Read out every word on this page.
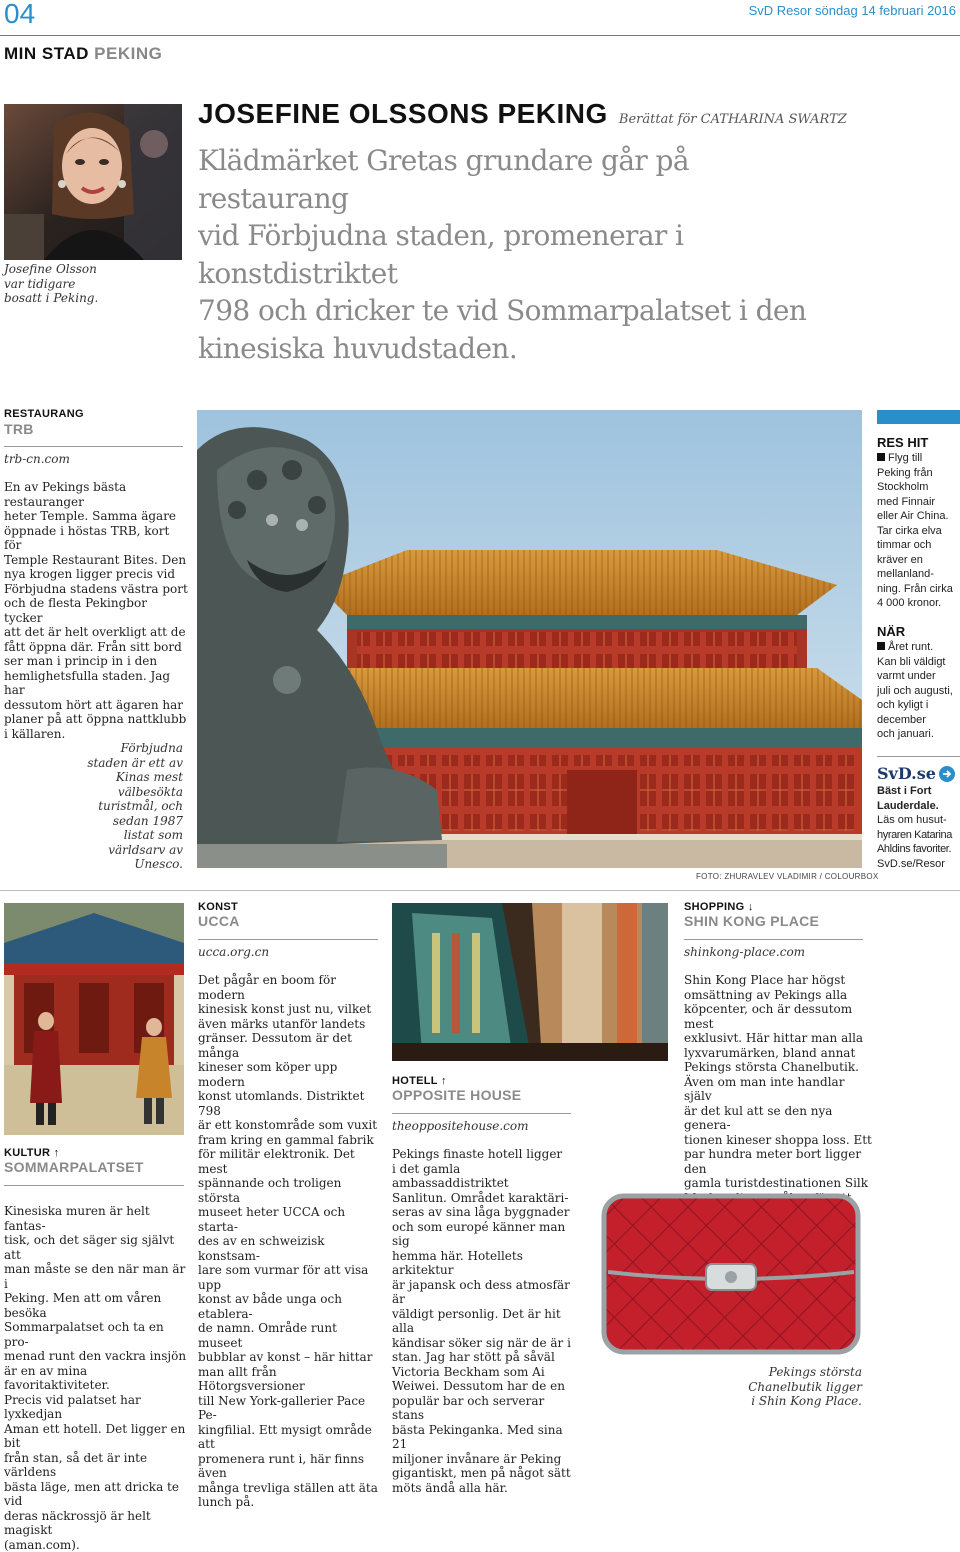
04	SvD Resor söndag 14 februari 2016
MIN STAD PEKING
Josefine Olsson
var tidigare
bosatt i Peking.
JOSEFINE OLSSONS PEKING Berättat för CATHARINA SWARTZ
Klädmärket Gretas grundare går på restaurang
vid Förbjudna staden, promenerar i konstdistriktet
798 och dricker te vid Sommarpalatset i den
kinesiska huvudstaden.
RESTAURANG
TRB
trb-cn.com
En av Pekings bästa restauranger
heter Temple. Samma ägare
öppnade i höstas TRB, kort för
Temple Restaurant Bites. Den
nya krogen ligger precis vid
Förbjudna stadens västra port
och de flesta Pekingbor tycker
att det är helt overkligt att de
fått öppna där. Från sitt bord
ser man i princip in i den
hemlighetsfulla staden. Jag har
dessutom hört att ägaren har
planer på att öppna nattklubb
i källaren.
Förbjudna
staden är ett av
Kinas mest
välbesökta
turistmål, och
sedan 1987
listat som
världsarv av
Unesco.
FOTO: ZHURAVLEV VLADIMIR / COLOURBOX
RES HIT
Flyg till
Peking från
Stockholm
med Finnair
eller Air China.
Tar cirka elva
timmar och
kräver en
mellanland-
ning. Från cirka
4 000 kronor.
NÄR
Året runt.
Kan bli väldigt
varmt under
juli och augusti,
och kyligt i
december
och januari.
SvD.se
Bäst i Fort
Lauderdale.
Läs om husut-
hyraren Katarina
Ahldins favoriter.
SvD.se/Resor
KULTUR ↑
SOMMARPALATSET
Kinesiska muren är helt fantas-
tisk, och det säger sig självt att
man måste se den när man är i
Peking. Men att om våren besöka
Sommarpalatset och ta en pro-
menad runt den vackra insjön
är en av mina favoritaktiviteter.
Precis vid palatset har lyxkedjan
Aman ett hotell. Det ligger en bit
från stan, så det är inte världens
bästa läge, men att dricka te vid
deras näckrossjö är helt magiskt
(aman.com).
KONST
UCCA
ucca.org.cn
Det pågår en boom för modern
kinesisk konst just nu, vilket
även märks utanför landets
gränser. Dessutom är det många
kineser som köper upp modern
konst utomlands. Distriktet 798
är ett konstområde som vuxit
fram kring en gammal fabrik
för militär elektronik. Det mest
spännande och troligen största
museet heter UCCA och starta-
des av en schweizisk konstsam-
lare som vurmar för att visa upp
konst av både unga och etablera-
de namn. Område runt museet
bubblar av konst – här hittar
man allt från Hötorgsversioner
till New York-gallerier Pace Pe-
kingfilial. Ett mysigt område att
promenera runt i, här finns även
många trevliga ställen att äta
lunch på.
HOTELL ↑
OPPOSITE HOUSE
theoppositehouse.com
Pekings finaste hotell ligger
i det gamla ambassaddistriktet
Sanlitun. Området karaktäri-
seras av sina låga byggnader
och som europé känner man sig
hemma här. Hotellets arkitektur
är japansk och dess atmosfär är
väldigt personlig. Det är hit alla
kändisar söker sig när de är i
stan. Jag har stött på såväl
Victoria Beckham som Ai
Weiwei. Dessutom har de en
populär bar och serverar stans
bästa Pekinganka. Med sina 21
miljoner invånare är Peking
gigantiskt, men på något sätt
möts ändå alla här.
SHOPPING ↓
SHIN KONG PLACE
shinkong-place.com
Shin Kong Place har högst
omsättning av Pekings alla
köpcenter, och är dessutom mest
exklusivt. Här hittar man alla
lyxvarumärken, bland annat
Pekings största Chanelbutik.
Även om man inte handlar själv
är det kul att se den nya genera-
tionen kineser shoppa loss. Ett
par hundra meter bort ligger den
gamla turistdestinationen Silk
Pekings största
Chanelbutik ligger
i Shin Kong Place.
